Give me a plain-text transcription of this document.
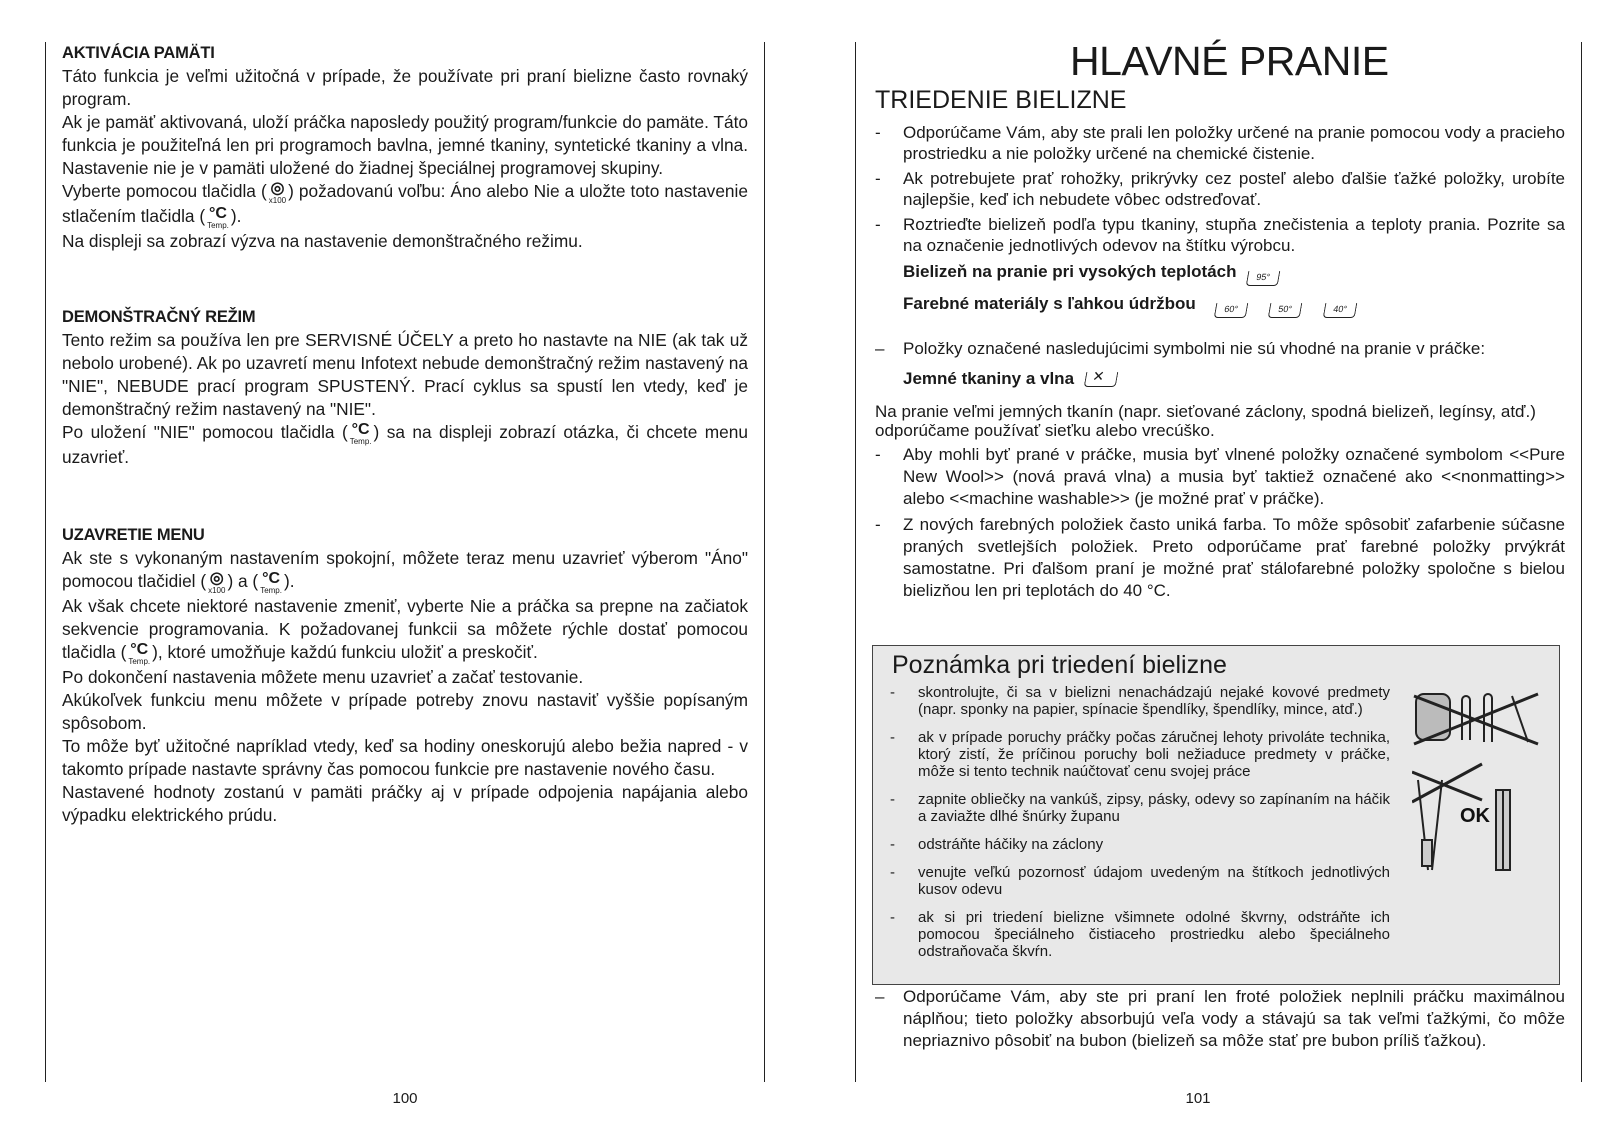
AKTIVÁCIA PAMÄTI

Táto funkcia je veľmi užitočná v prípade, že používate pri praní bielizne často rovnaký program.

Ak je pamäť aktivovaná, uloží práčka naposledy použitý program/funkcie do pamäte. Táto funkcia je použiteľná len pri programoch bavlna, jemné tkaniny, syntetické tkaniny a vlna. Nastavenie nie je v pamäti uložené do žiadnej špeciálnej programovej skupiny.

Vyberte pomocou tlačidla ( ◎
x100 ) požadovanú voľbu: Áno alebo Nie a uložte toto nastavenie stlačením tlačidla ( °C
Temp. ).

Na displeji sa zobrazí výzva na nastavenie demonštračného režimu.

DEMONŠTRAČNÝ REŽIM

Tento režim sa používa len pre SERVISNÉ ÚČELY a preto ho nastavte na NIE (ak tak už nebolo urobené). Ak po uzavretí menu Infotext nebude demonštračný režim nastavený na "NIE", NEBUDE prací program SPUSTENÝ. Prací cyklus sa spustí len vtedy, keď je demonštračný režim nastavený na "NIE".

Po uložení "NIE" pomocou tlačidla ( °C
Temp. ) sa na displeji zobrazí otázka, či chcete menu uzavrieť.

UZAVRETIE MENU

Ak ste s vykonaným nastavením spokojní, môžete teraz menu uzavrieť výberom "Áno" pomocou tlačidiel ( ◎
x100 ) a ( °C
Temp. ).

Ak však chcete niektoré nastavenie zmeniť, vyberte Nie a práčka sa prepne na začiatok sekvencie programovania. K požadovanej funkcii sa môžete rýchle dostať pomocou tlačidla ( °C
Temp. ), ktoré umožňuje každú funkciu uložiť a preskočiť.

Po dokončení nastavenia môžete menu uzavrieť a začať testovanie.

Akúkoľvek funkciu menu môžete v prípade potreby znovu nastaviť vyššie popísaným spôsobom.

To môže byť užitočné napríklad vtedy, keď sa hodiny oneskorujú alebo bežia napred - v takomto prípade nastavte správny čas pomocou funkcie pre nastavenie nového času.

Nastavené hodnoty zostanú v pamäti práčky aj v prípade odpojenia napájania alebo výpadku elektrického prúdu.

100
HLAVNÉ PRANIE
TRIEDENIE BIELIZNE
- Odporúčame Vám, aby ste prali len položky určené na pranie pomocou vody a pracieho prostriedku a nie položky určené na chemické čistenie.
- Ak potrebujete prať rohožky, prikrývky cez posteľ alebo ďalšie ťažké položky, urobíte najlepšie, keď ich nebudete vôbec odstreďovať.
- Roztrieďte bielizeň podľa typu tkaniny, stupňa znečistenia a teploty prania. Pozrite sa na označenie jednotlivých odevov na štítku výrobcu.
Bielizeň na pranie pri vysokých teplotách 95°
Farebné materiály s ľahkou údržbou	60°	50°	40°
– Položky označené nasledujúcimi symbolmi nie sú vhodné na pranie v práčke:
Jemné tkaniny a vlna ✕
Na pranie veľmi jemných tkanín (napr. sieťované záclony, spodná bielizeň, legínsy, atď.) odporúčame používať sieťku alebo vrecúško.
- Aby mohli byť prané v práčke, musia byť vlnené položky označené symbolom <<Pure New Wool>> (nová pravá vlna) a musia byť taktiež označené ako <<nonmatting>> alebo <<machine washable>> (je možné prať v práčke).
- Z nových farebných položiek často uniká farba. To môže spôsobiť zafarbenie súčasne praných svetlejších položiek. Preto odporúčame prať farebné položky prvýkrát samostatne. Pri ďalšom praní je možné prať stálofarebné položky spoločne s bielou bielizňou len pri teplotách do 40 °C.
Poznámka pri triedení bielizne
- skontrolujte, či sa v bielizni nenachádzajú nejaké kovové predmety (napr. sponky na papier, spínacie špendlíky, špendlíky, mince, atď.)
- ak v prípade poruchy práčky počas záručnej lehoty privoláte technika, ktorý zistí, že príčinou poruchy boli nežiaduce predmety v práčke, môže si tento technik naúčtovať cenu svojej práce
- zapnite obliečky na vankúš, zipsy, pásky, odevy so zapínaním na háčik a zaviažte dlhé šnúrky županu
- odstráňte háčiky na záclony
- venujte veľkú pozornosť údajom uvedeným na štítkoch jednotlivých kusov odevu
- ak si pri triedení bielizne všimnete odolné škvrny, odstráňte ich pomocou špeciálneho čistiaceho prostriedku alebo špeciálneho odstraňovača škvŕn.
OK
– Odporúčame Vám, aby ste pri praní len froté položiek neplnili práčku maximálnou náplňou; tieto položky absorbujú veľa vody a stávajú sa tak veľmi ťažkými, čo môže nepriaznivo pôsobiť na bubon (bielizeň sa môže stať pre bubon príliš ťažkou).
101
